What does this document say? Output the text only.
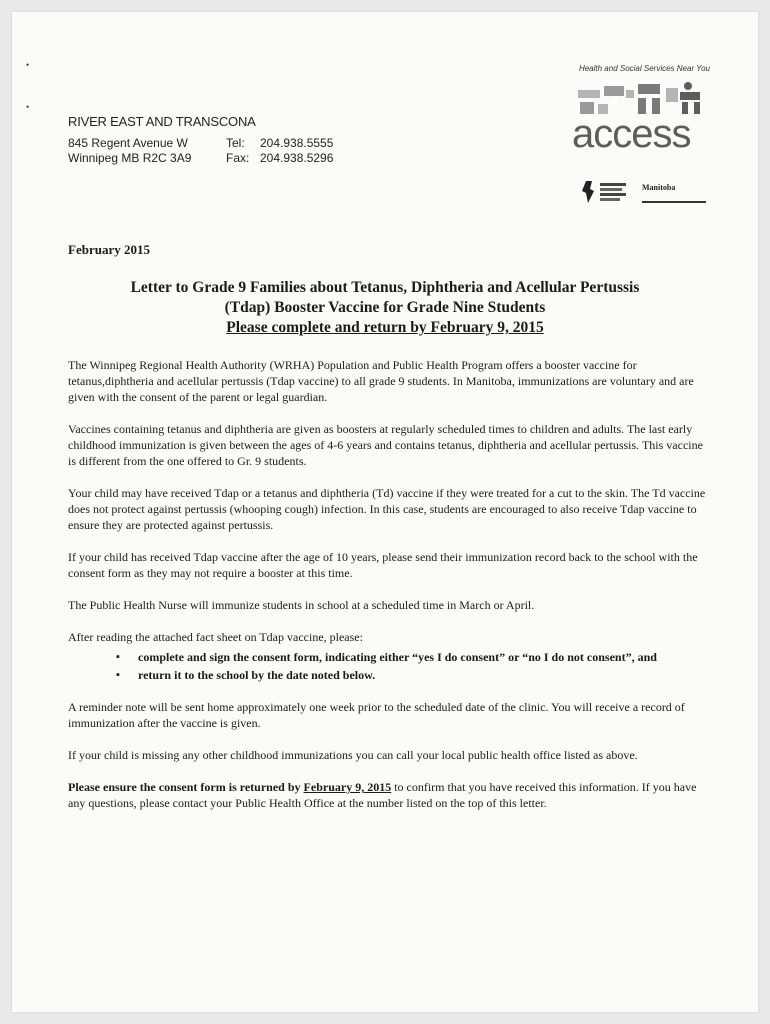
•
•
RIVER EAST AND TRANSCONA
845 Regent Avenue W	Tel:	204.938.5555
Winnipeg MB R2C 3A9	Fax: 204.938.5296
Health and Social Services Near You
access
Manitoba
February 2015
Letter to Grade 9 Families about Tetanus, Diphtheria and Acellular Pertussis
(Tdap) Booster Vaccine for Grade Nine Students
Please complete and return by February 9, 2015

The Winnipeg Regional Health Authority (WRHA) Population and Public Health Program offers a booster vaccine for tetanus,diphtheria and acellular pertussis (Tdap vaccine) to all grade 9 students. In Manitoba, immunizations are voluntary and are given with the consent of the parent or legal guardian.

Vaccines containing tetanus and diphtheria are given as boosters at regularly scheduled times to children and adults. The last early childhood immunization is given between the ages of 4-6 years and contains tetanus, diphtheria and acellular pertussis. This vaccine is different from the one offered to Gr. 9 students.

Your child may have received Tdap or a tetanus and diphtheria (Td) vaccine if they were treated for a cut to the skin. The Td vaccine does not protect against pertussis (whooping cough) infection. In this case, students are encouraged to also receive Tdap vaccine to ensure they are protected against pertussis.

If your child has received Tdap vaccine after the age of 10 years, please send their immunization record back to the school with the consent form as they may not require a booster at this time.

The Public Health Nurse will immunize students in school at a scheduled time in March or April.

After reading the attached fact sheet on Tdap vaccine, please:

▪ complete and sign the consent form, indicating either “yes I do consent” or “no I do not consent”, and
▪ return it to the school by the date noted below.

A reminder note will be sent home approximately one week prior to the scheduled date of the clinic. You will receive a record of immunization after the vaccine is given.

If your child is missing any other childhood immunizations you can call your local public health office listed as above.

Please ensure the consent form is returned by February 9, 2015 to confirm that you have received this information. If you have any questions, please contact your Public Health Office at the number listed on the top of this letter.
